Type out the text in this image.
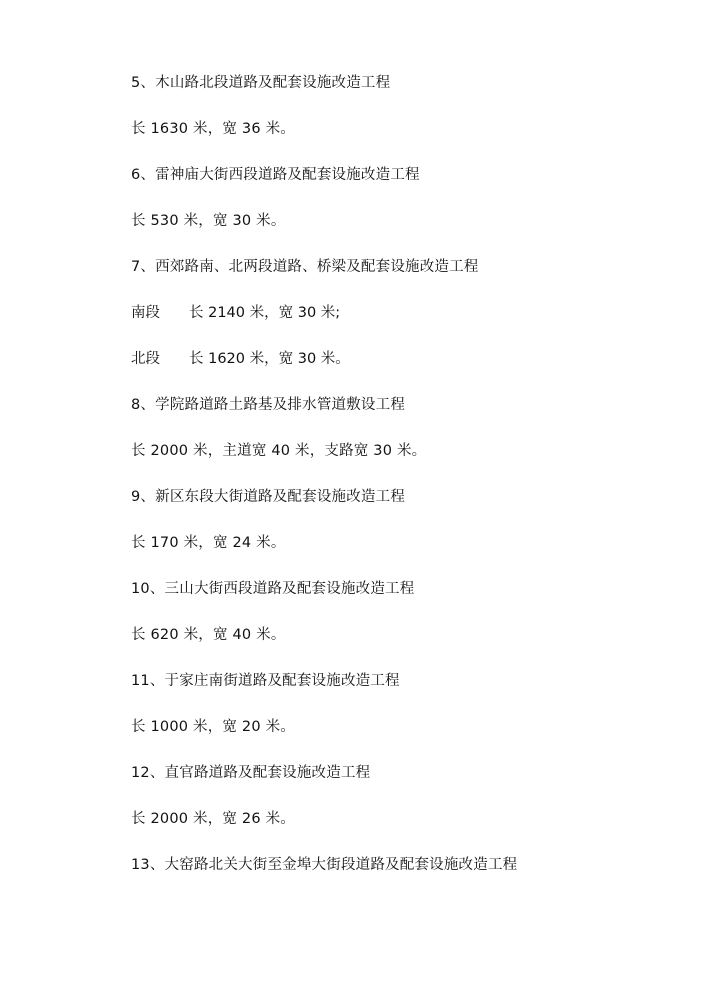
5、木山路北段道路及配套设施改造工程
长 1630 米，宽 36 米。
6、雷神庙大街西段道路及配套设施改造工程
长 530 米，宽 30 米。
7、西郊路南、北两段道路、桥梁及配套设施改造工程
南段	长 2140 米，宽 30 米;
北段	长 1620 米，宽 30 米。
8、学院路道路土路基及排水管道敷设工程
长 2000 米，主道宽 40 米，支路宽 30 米。
9、新区东段大街道路及配套设施改造工程
长 170 米，宽 24 米。
10、三山大街西段道路及配套设施改造工程
长 620 米，宽 40 米。
11、于家庄南街道路及配套设施改造工程
长 1000 米，宽 20 米。
12、直官路道路及配套设施改造工程
长 2000 米，宽 26 米。
13、大窑路北关大街至金埠大街段道路及配套设施改造工程
